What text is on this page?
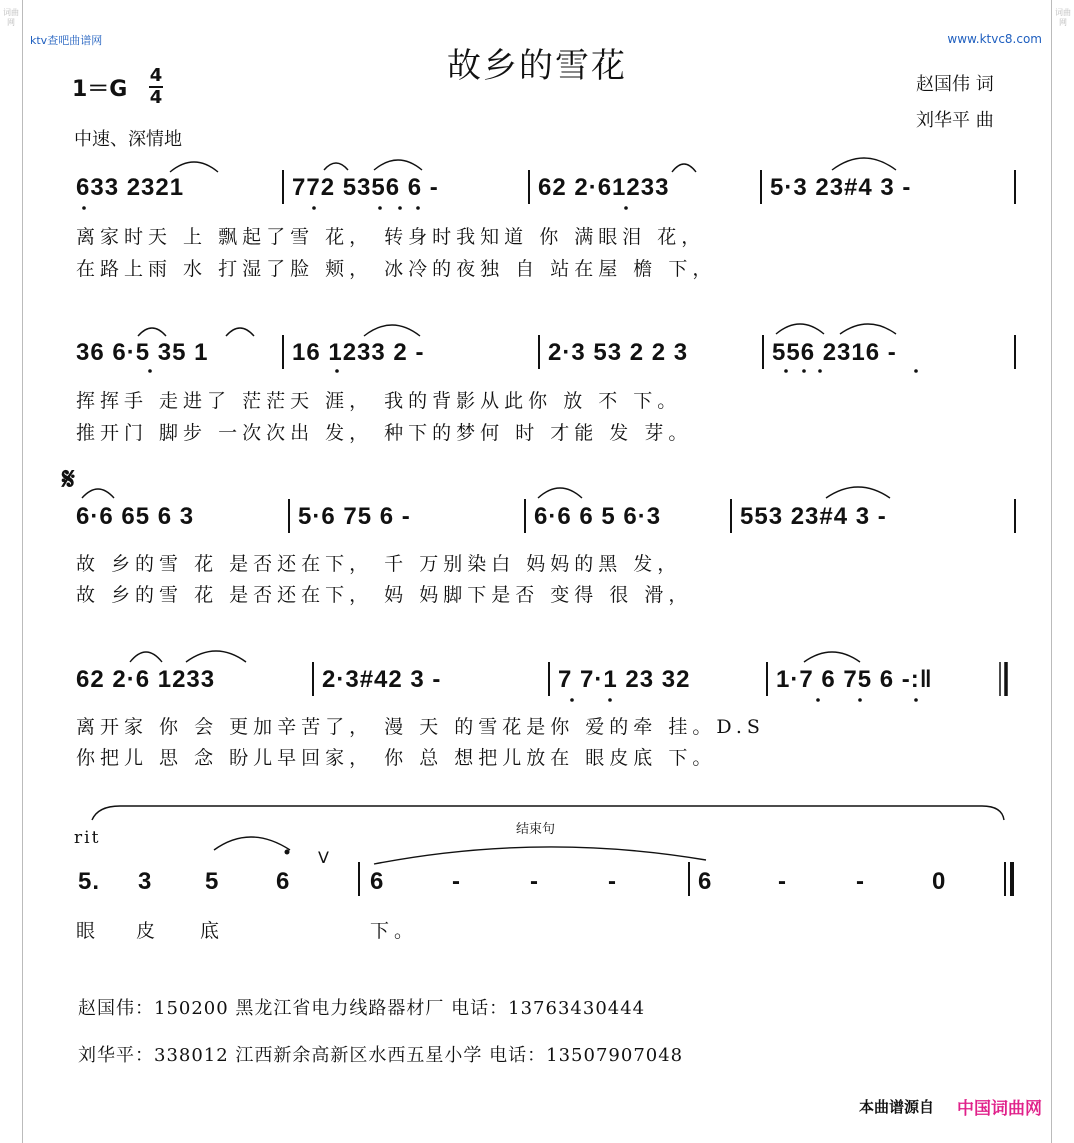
词曲网
词曲网
ktv查吧曲谱网	www.ktvc8.com
故乡的雪花
1＝G
4
4
赵国伟 词
刘华平 曲
中速、深情地
633 2321	772 5356 6 -	62 2·61233	5·3 23#4 3 -
离家时天 上 飘起了雪 花， 转身时我知道 你 满眼泪 花，
在路上雨 水 打湿了脸 颊， 冰冷的夜独 自 站在屋 檐 下，
36 6·5 35 1	16 1233 2 -	2·3 53 2 2 3	556 2316 -
挥挥手 走进了 茫茫天 涯， 我的背影从此你 放 不 下。
推开门 脚步 一次次出 发， 种下的梦何 时 才能 发 芽。
𝄋
6·6 65 6 3	5·6 75 6 -	6·6 6 5 6·3	553 23#4 3 -
故 乡的雪 花 是否还在下， 千 万别染白 妈妈的黑 发，
故 乡的雪 花 是否还在下， 妈 妈脚下是否 变得 很 滑，
62 2·6 1233	2·3#42 3 -	7 7·1 23 32	1·7 6 75 6 -:‖
离开家 你 会 更加辛苦了， 漫 天 的雪花是你 爱的牵 挂。D.S
你把儿 思 念 盼儿早回家， 你 总 想把儿放在 眼皮底 下。
rit	结束句
V
5. 3 5 6	6	-	-	-	6	-	-	0
眼 皮 底	下。
赵国伟：150200 黑龙江省电力线路器材厂 电话：13763430444
刘华平：338012 江西新余高新区水西五星小学 电话：13507907048
本曲谱源自 中国词曲网
